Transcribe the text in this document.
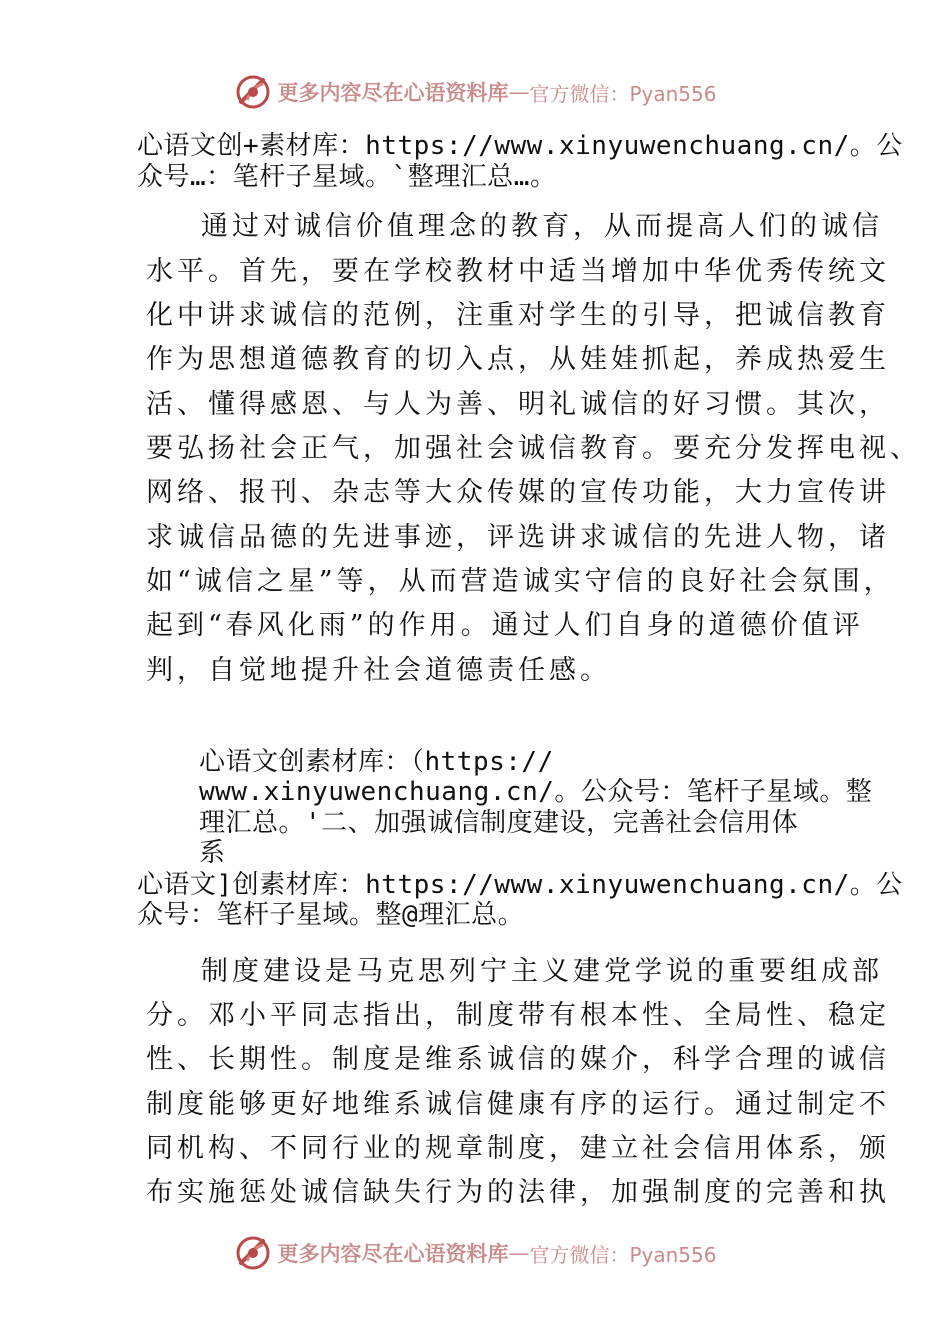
更多内容尽在心语资料库 — 官方微信：Pyan556
心语文创+素材库：https://www.xinyuwenchuang.cn/。公
众号…：笔杆子星域。`整理汇总…。
通过对诚信价值理念的教育，从而提高人们的诚信
水平。首先，要在学校教材中适当增加中华优秀传统文
化中讲求诚信的范例，注重对学生的引导，把诚信教育
作为思想道德教育的切入点，从娃娃抓起，养成热爱生
活、懂得感恩、与人为善、明礼诚信的好习惯。其次，
要弘扬社会正气，加强社会诚信教育。要充分发挥电视、
网络、报刊、杂志等大众传媒的宣传功能，大力宣传讲
求诚信品德的先进事迹，评选讲求诚信的先进人物，诸
如“诚信之星”等，从而营造诚实守信的良好社会氛围，
起到“春风化雨”的作用。通过人们自身的道德价值评
判，自觉地提升社会道德责任感。
心语文创素材库：（https://
www.xinyuwenchuang.cn/。公众号：笔杆子星域。整
理汇总。'二、加强诚信制度建设，完善社会信用体
系
心语文]创素材库：https://www.xinyuwenchuang.cn/。公
众号：笔杆子星域。整@理汇总。
制度建设是马克思列宁主义建党学说的重要组成部
分。邓小平同志指出，制度带有根本性、全局性、稳定
性、长期性。制度是维系诚信的媒介，科学合理的诚信
制度能够更好地维系诚信健康有序的运行。通过制定不
同机构、不同行业的规章制度，建立社会信用体系，颁
布实施惩处诚信缺失行为的法律，加强制度的完善和执
更多内容尽在心语资料库 — 官方微信：Pyan556
